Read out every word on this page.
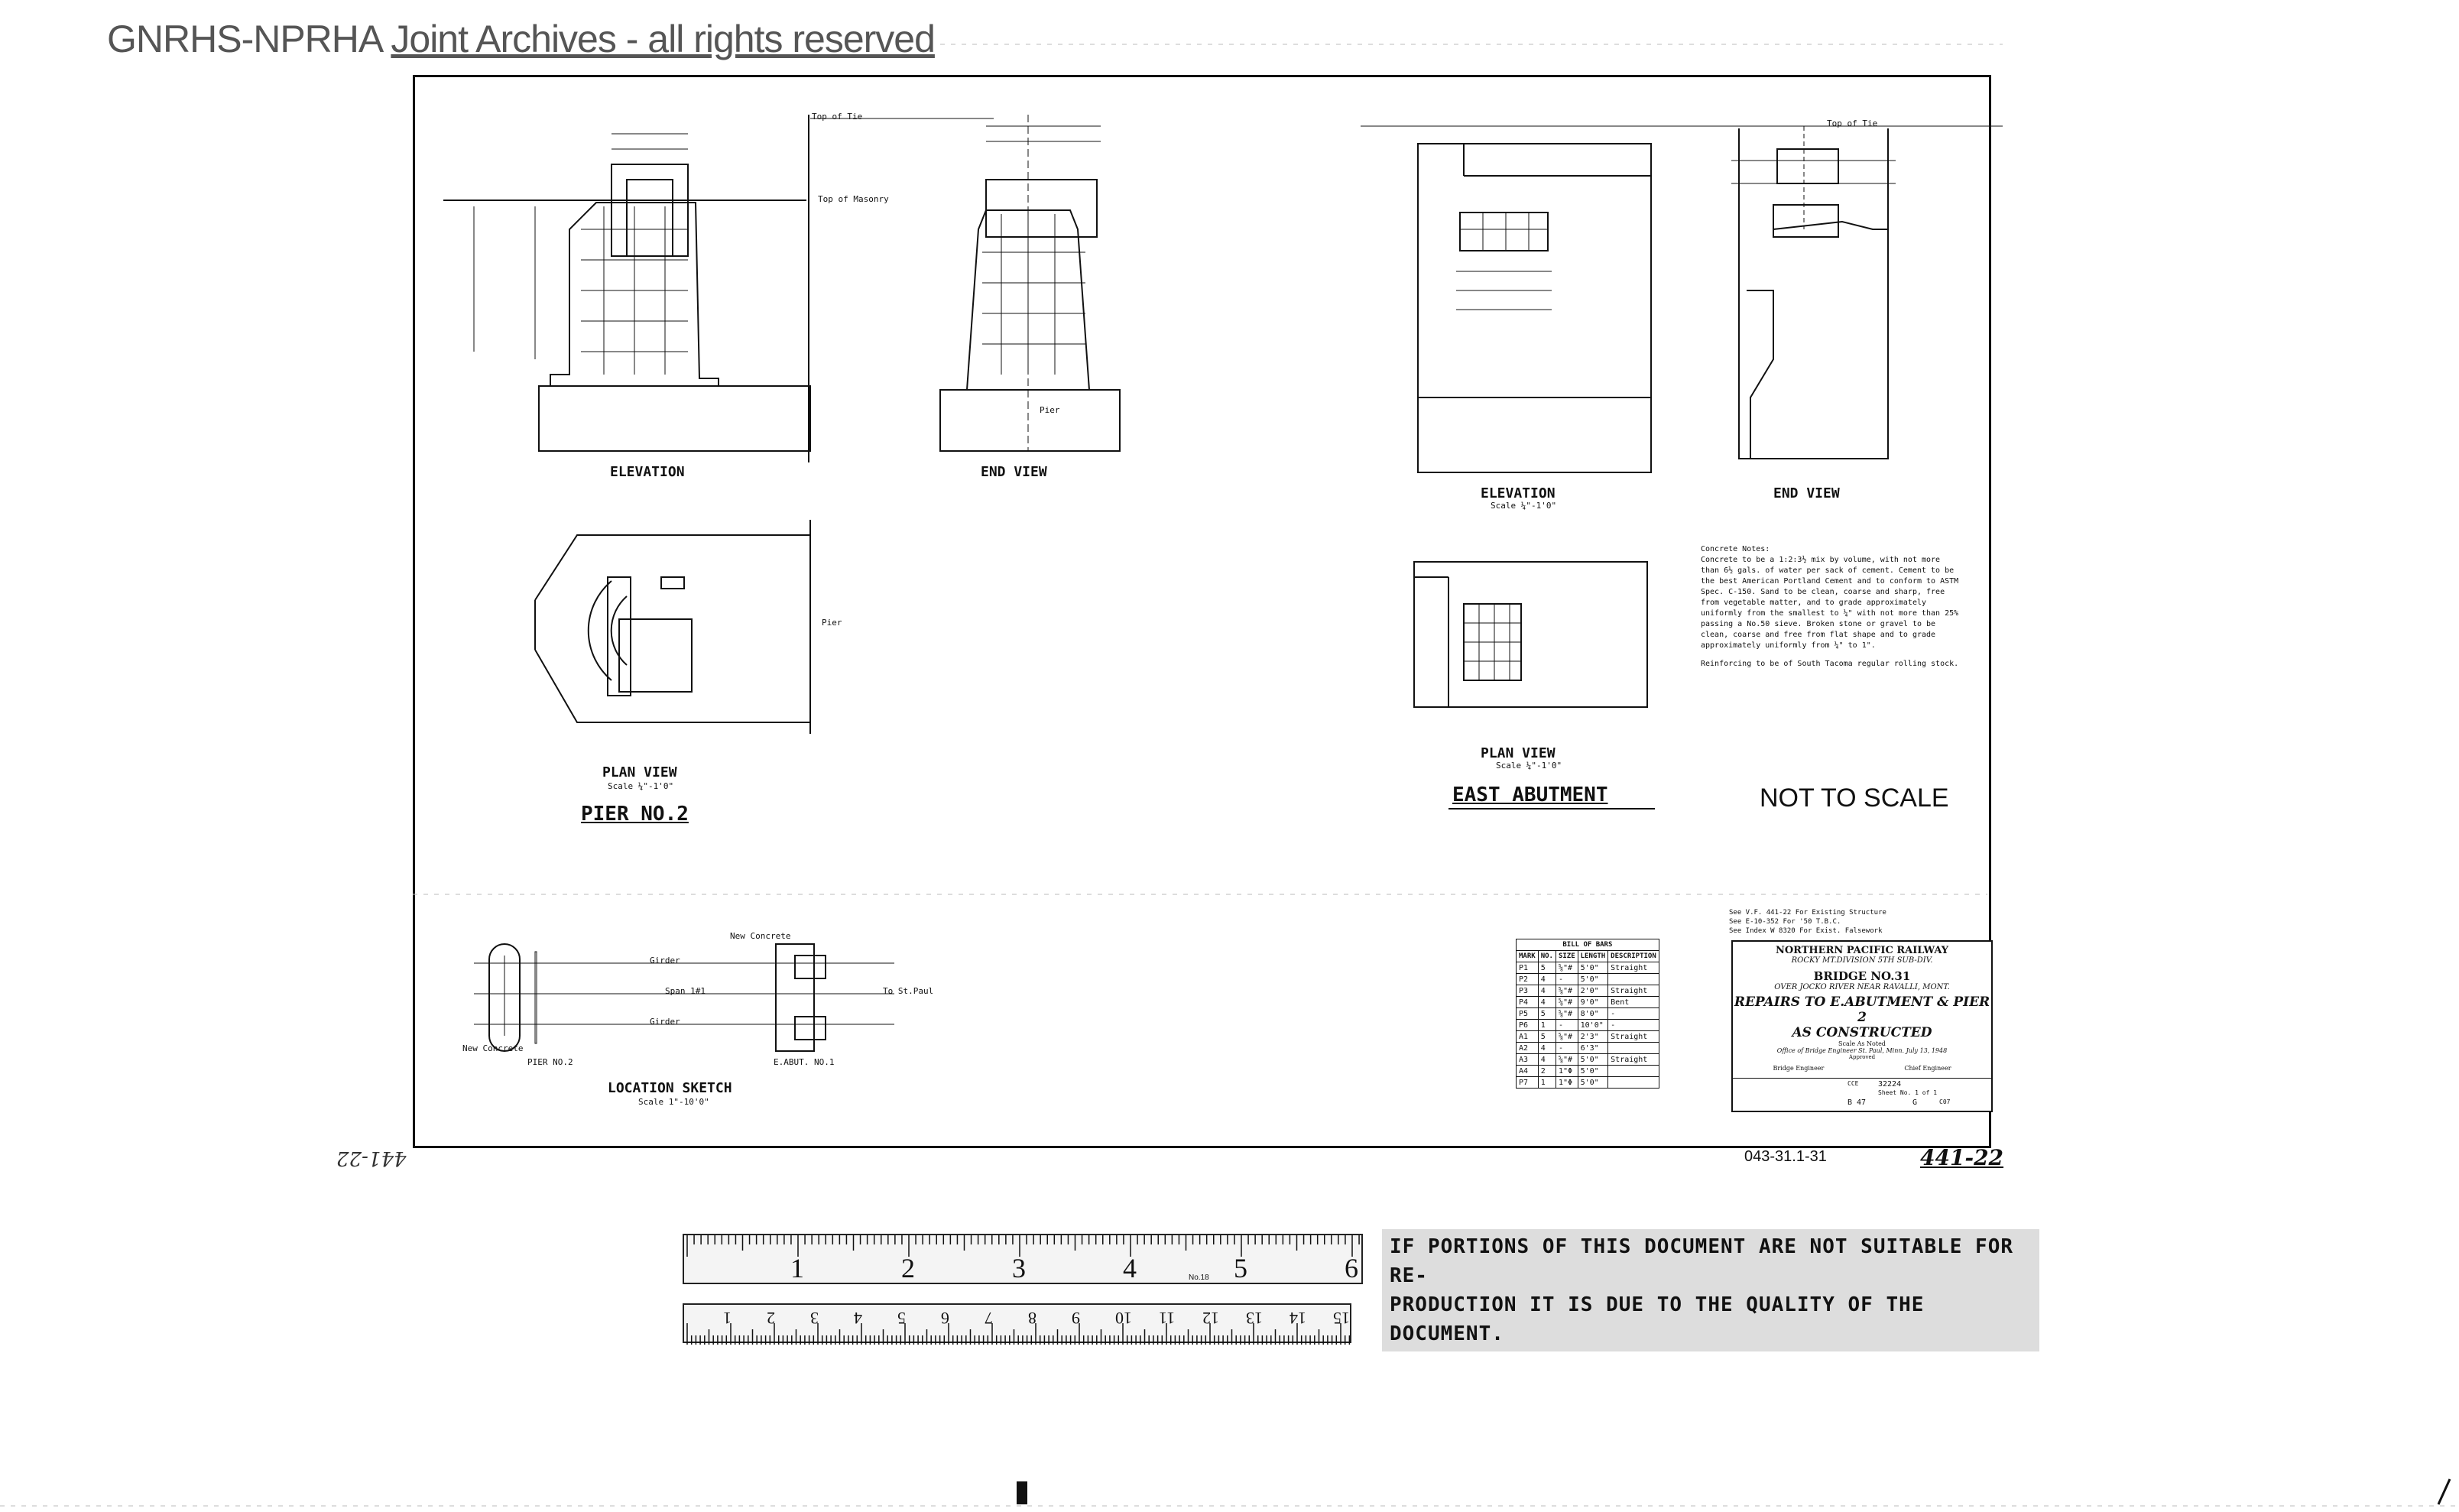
GNRHS-NPRHA Joint Archives - all rights reserved
ELEVATION	END VIEW
Top of Tie
Top of Masonry
Pier
PLAN VIEW
Scale ¼"-1'0"
PIER NO.2
Pier
New Concrete
Girder
Span 1#1	To St.Paul
Girder
New Concrete
PIER NO.2	E.ABUT. NO.1
LOCATION SKETCH
Scale 1"-10'0"
Top of Tie
ELEVATION
Scale ¼"-1'0"
END VIEW
PLAN VIEW
Scale ¼"-1'0"
EAST ABUTMENT	NOT TO SCALE
Concrete Notes:
Concrete to be a 1:2:3½ mix by volume, with not more than 6½ gals. of water per sack of cement. Cement to be the best American Portland Cement and to conform to ASTM Spec. C-150. Sand to be clean, coarse and sharp, free from vegetable matter, and to grade approximately uniformly from the smallest to ¼" with not more than 25% passing a No.50 sieve. Broken stone or gravel to be clean, coarse and free from flat shape and to grade approximately uniformly from ¼" to 1".
Reinforcing to be of South Tacoma regular rolling stock.
See V.F. 441-22 For Existing Structure
See E-10-352 For '50 T.B.C.
See Index W 8320 For Exist. Falsework
BILL OF BARS				
MARK	NO.	SIZE	LENGTH	DESCRIPTION
P1	5	⅝"#	5'0"	Straight
P2	4	-	5'0"	
P3	4	⅝"#	2'0"	Straight
P4	4	⅝"#	9'0"	Bent
P5	5	⅝"#	8'0"	-
P6	1	-	10'0"	-
A1	5	⅝"#	2'3"	Straight
A2	4	-	6'3"	
A3	4	⅝"#	5'0"	Straight
A4	2	1"Φ	5'0"	
P7	1	1"Φ	5'0"	
NORTHERN PACIFIC RAILWAY
ROCKY MT.DIVISION 5TH SUB-DIV.
BRIDGE NO.31
OVER JOCKO RIVER NEAR RAVALLI, MONT.
REPAIRS TO E.ABUTMENT & PIER 2
AS CONSTRUCTED
Scale As Noted
Office of Bridge Engineer St. Paul, Minn. July 13, 1948
Approved
Bridge Engineer	Chief Engineer
32224
Sheet No. 1 of 1
B 47	G
CCE
C07
043-31.1-31	441-22
441-22
1	2	3	4	5	6
No.18
1 2 3 4 5 6 7 8 9 10 11 12 13 14 15
IF PORTIONS OF THIS DOCUMENT ARE NOT SUITABLE FOR RE-
PRODUCTION IT IS DUE TO THE QUALITY OF THE DOCUMENT.
